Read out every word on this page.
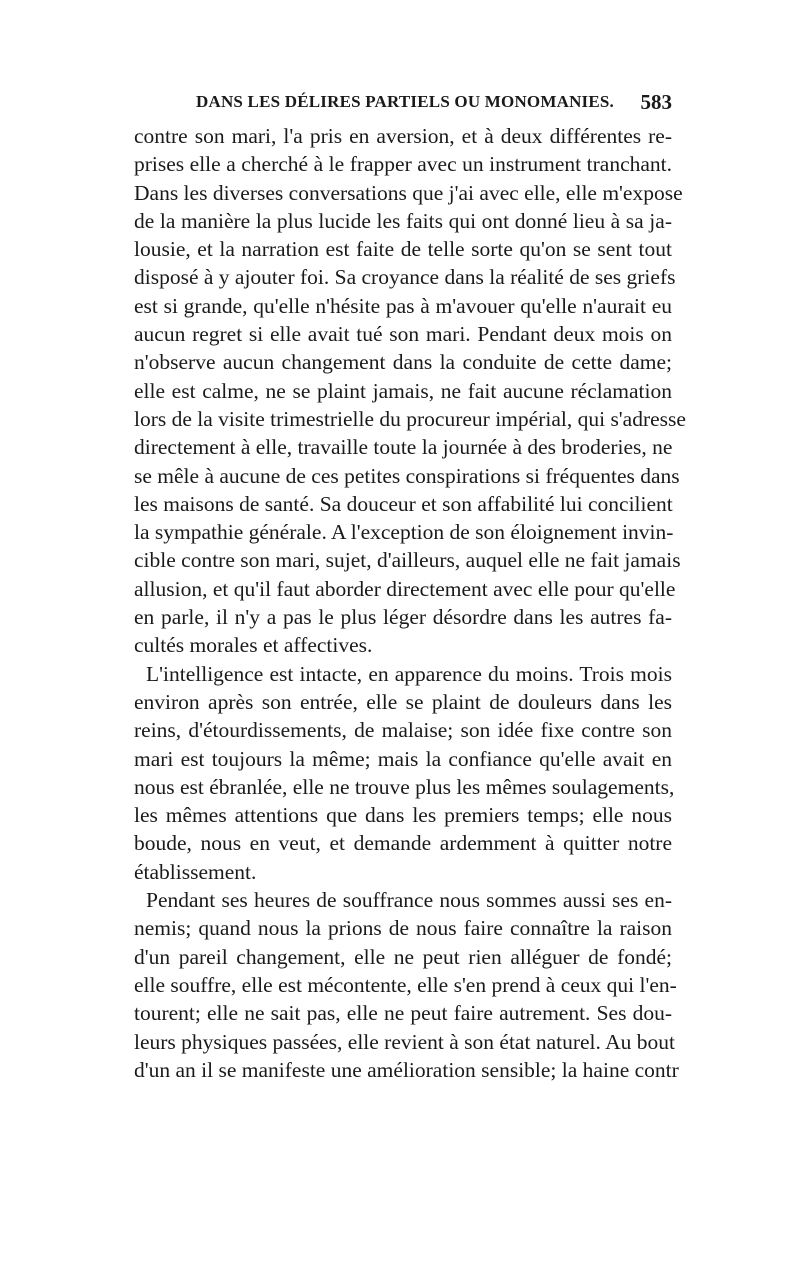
DANS LES DÉLIRES PARTIELS OU MONOMANIES. 583
contre son mari, l'a pris en aversion, et à deux différentes re-
prises elle a cherché à le frapper avec un instrument tranchant.
Dans les diverses conversations que j'ai avec elle, elle m'expose
de la manière la plus lucide les faits qui ont donné lieu à sa ja-
lousie, et la narration est faite de telle sorte qu'on se sent tout
disposé à y ajouter foi. Sa croyance dans la réalité de ses griefs
est si grande, qu'elle n'hésite pas à m'avouer qu'elle n'aurait eu
aucun regret si elle avait tué son mari. Pendant deux mois on
n'observe aucun changement dans la conduite de cette dame;
elle est calme, ne se plaint jamais, ne fait aucune réclamation
lors de la visite trimestrielle du procureur impérial, qui s'adresse
directement à elle, travaille toute la journée à des broderies, ne
se mêle à aucune de ces petites conspirations si fréquentes dans
les maisons de santé. Sa douceur et son affabilité lui concilient
la sympathie générale. A l'exception de son éloignement invin-
cible contre son mari, sujet, d'ailleurs, auquel elle ne fait jamais
allusion, et qu'il faut aborder directement avec elle pour qu'elle
en parle, il n'y a pas le plus léger désordre dans les autres fa-
cultés morales et affectives.
L'intelligence est intacte, en apparence du moins. Trois mois
environ après son entrée, elle se plaint de douleurs dans les
reins, d'étourdissements, de malaise; son idée fixe contre son
mari est toujours la même; mais la confiance qu'elle avait en
nous est ébranlée, elle ne trouve plus les mêmes soulagements,
les mêmes attentions que dans les premiers temps; elle nous
boude, nous en veut, et demande ardemment à quitter notre
établissement.
Pendant ses heures de souffrance nous sommes aussi ses en-
nemis; quand nous la prions de nous faire connaître la raison
d'un pareil changement, elle ne peut rien alléguer de fondé;
elle souffre, elle est mécontente, elle s'en prend à ceux qui l'en-
tourent; elle ne sait pas, elle ne peut faire autrement. Ses dou-
leurs physiques passées, elle revient à son état naturel. Au bout
d'un an il se manifeste une amélioration sensible; la haine contr
